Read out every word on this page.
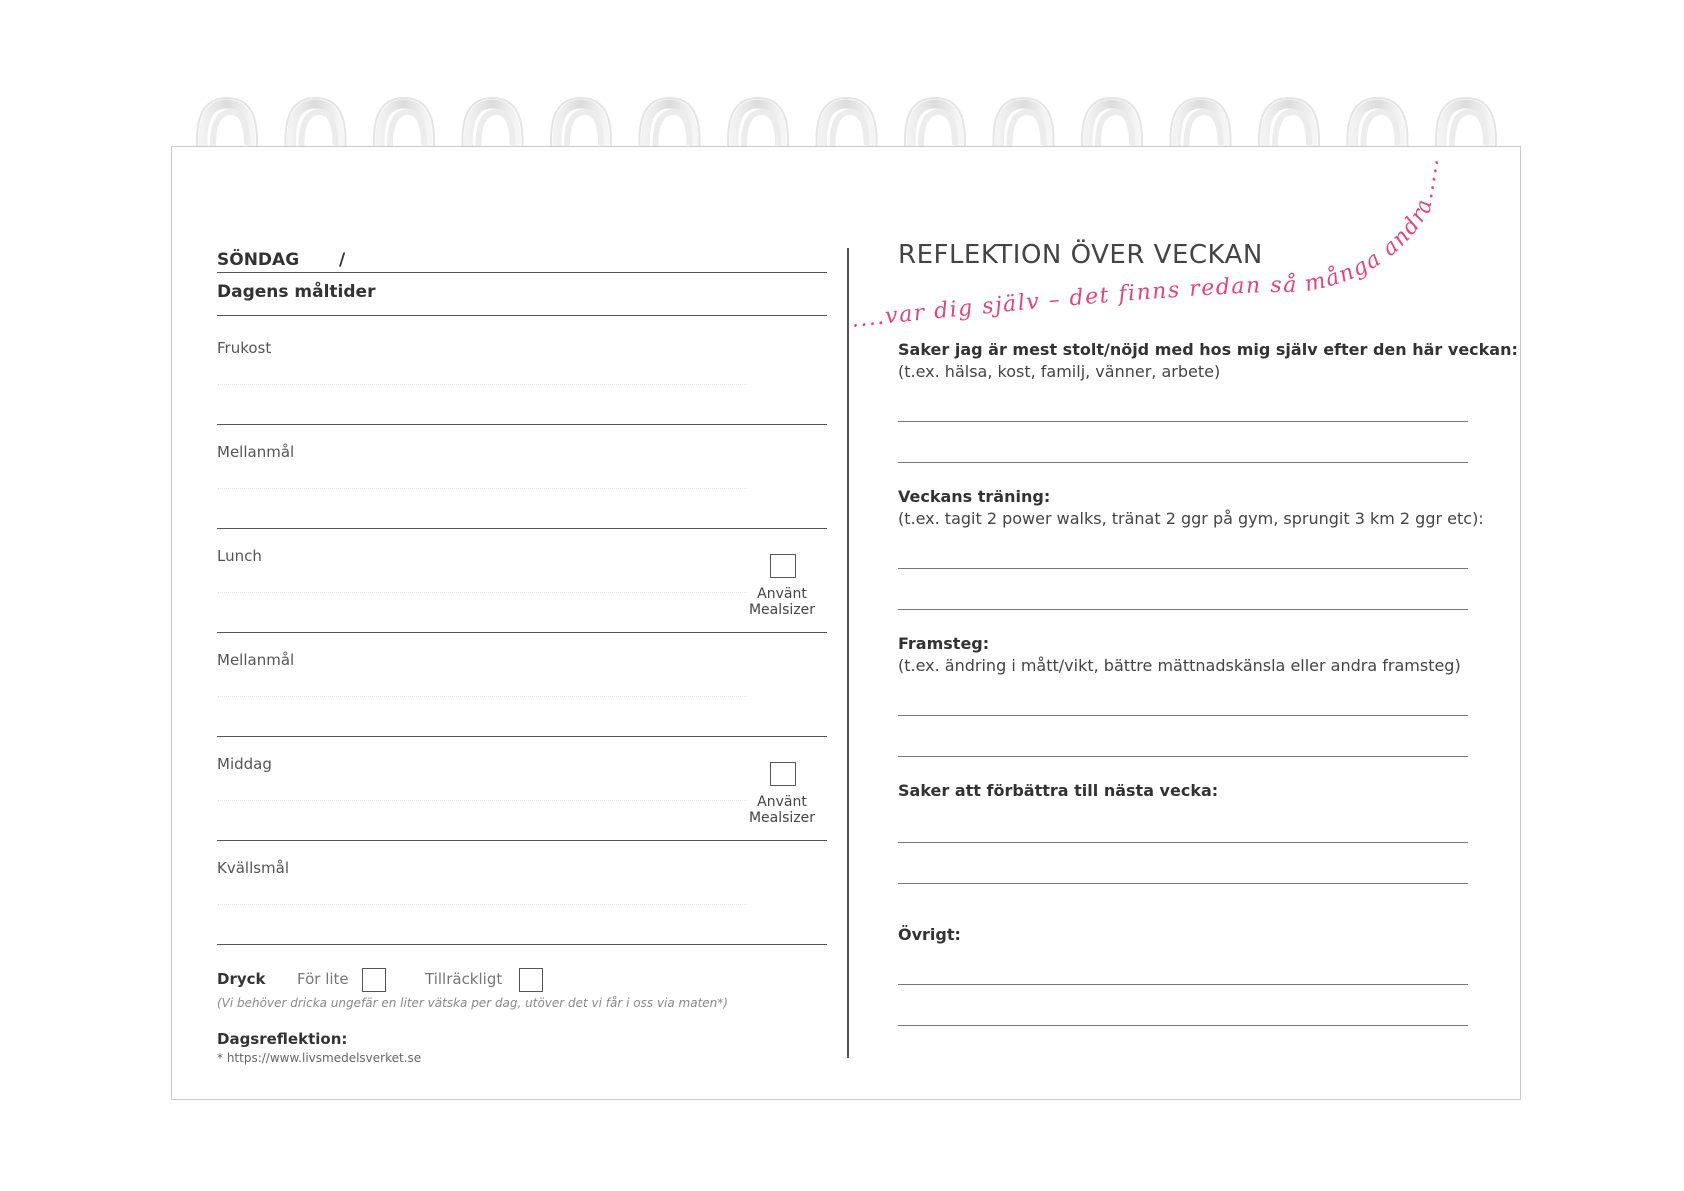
SÖNDAG /
Dagens måltider
Frukost
Mellanmål
Lunch
Använt
Mealsizer
Mellanmål
Middag
Använt
Mealsizer
Kvällsmål
Dryck För lite	Tillräckligt
(Vi behöver dricka ungefär en liter vätska per dag, utöver det vi får i oss via maten*)
Dagsreflektion:
* https://www.livsmedelsverket.se
REFLEKTION ÖVER VECKAN
Saker jag är mest stolt/nöjd med hos mig själv efter den här veckan:
(t.ex. hälsa, kost, familj, vänner, arbete)
Veckans träning:
(t.ex. tagit 2 power walks, tränat 2 ggr på gym, sprungit 3 km 2 ggr etc):
Framsteg:
(t.ex. ändring i mått/vikt, bättre mättnadskänsla eller andra framsteg)
Saker att förbättra till nästa vecka:
Övrigt:
....var dig själv – det finns redan så många andra.....
